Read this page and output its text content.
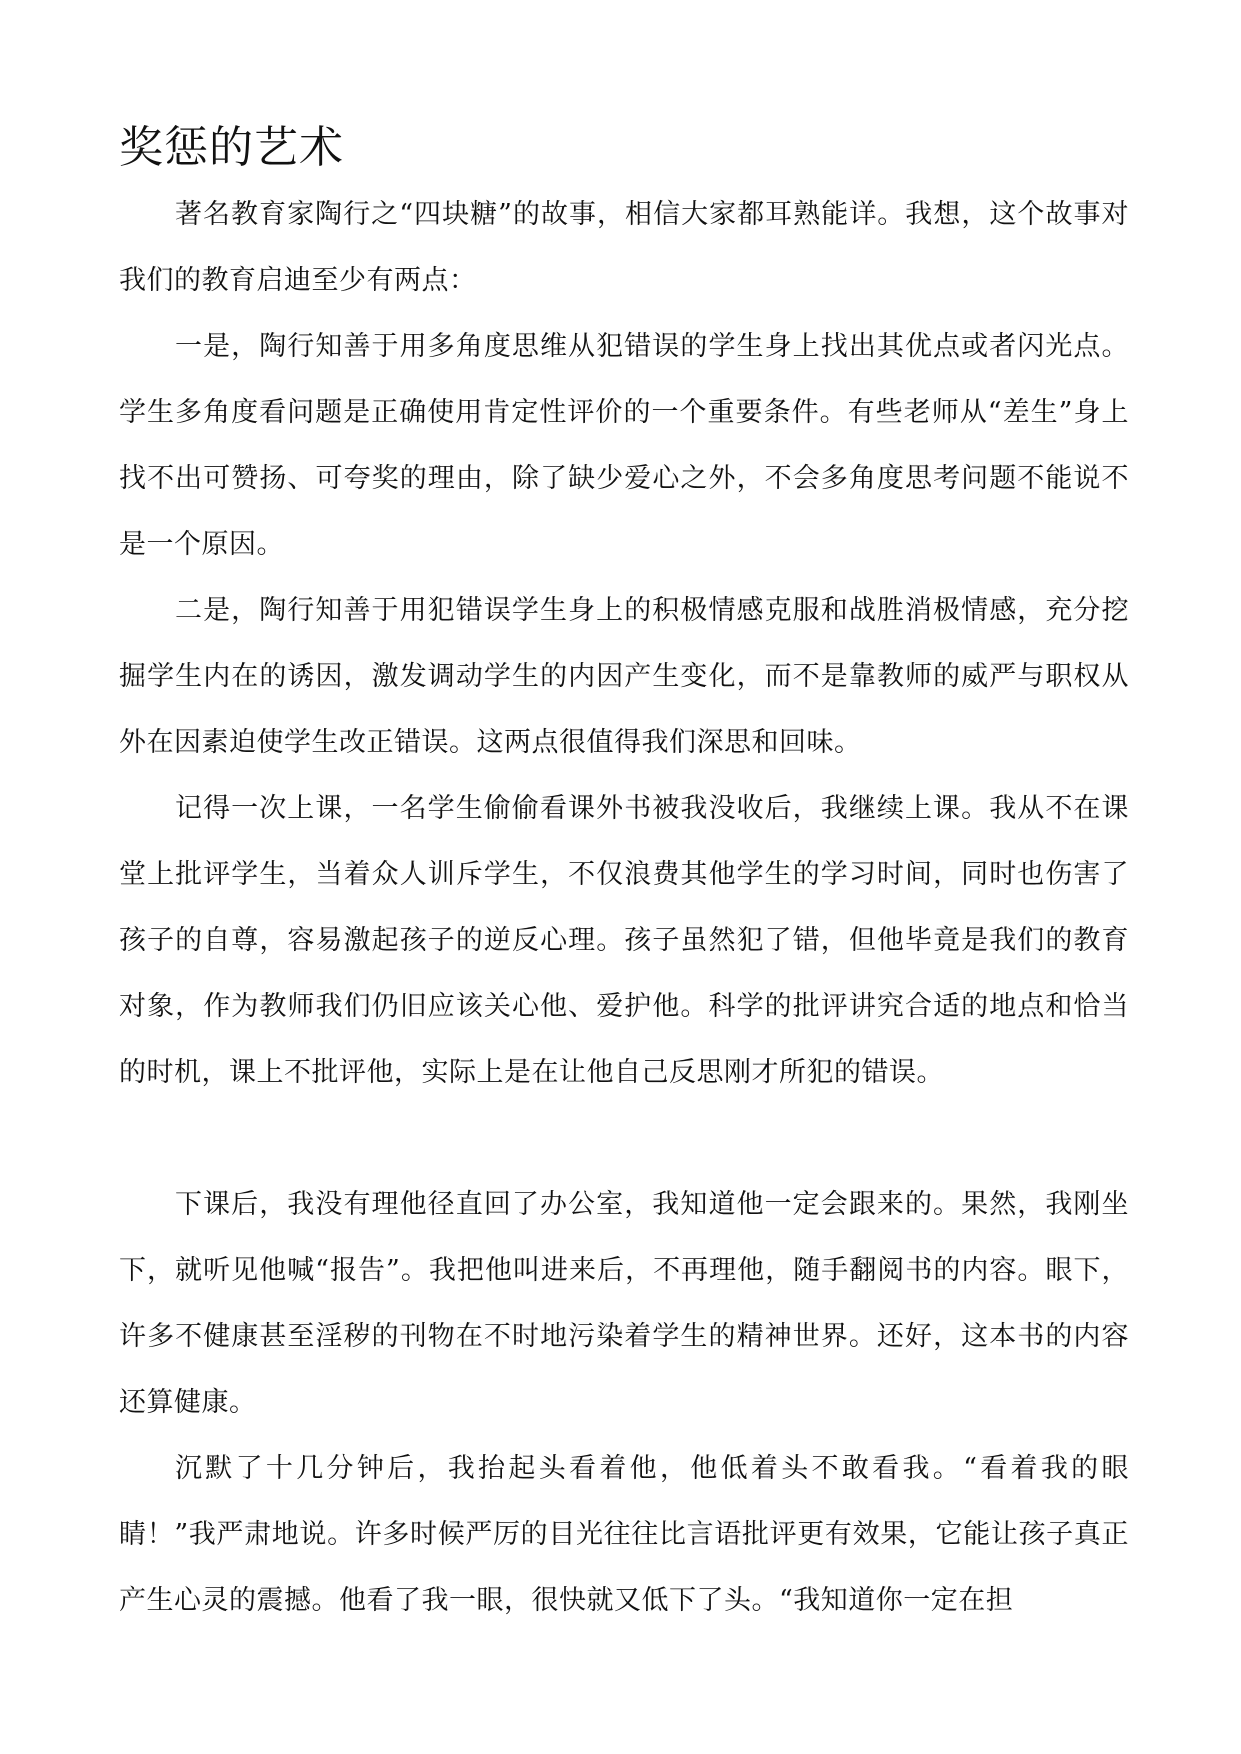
奖惩的艺术

著名教育家陶行之“四块糖”的故事，相信大家都耳熟能详。我想，这个故事对我们的教育启迪至少有两点：

一是，陶行知善于用多角度思维从犯错误的学生身上找出其优点或者闪光点。学生多角度看问题是正确使用肯定性评价的一个重要条件。有些老师从“差生”身上找不出可赞扬、可夸奖的理由，除了缺少爱心之外，不会多角度思考问题不能说不是一个原因。

二是，陶行知善于用犯错误学生身上的积极情感克服和战胜消极情感，充分挖掘学生内在的诱因，激发调动学生的内因产生变化，而不是靠教师的威严与职权从外在因素迫使学生改正错误。这两点很值得我们深思和回味。

记得一次上课，一名学生偷偷看课外书被我没收后，我继续上课。我从不在课堂上批评学生，当着众人训斥学生，不仅浪费其他学生的学习时间，同时也伤害了孩子的自尊，容易激起孩子的逆反心理。孩子虽然犯了错，但他毕竟是我们的教育对象，作为教师我们仍旧应该关心他、爱护他。科学的批评讲究合适的地点和恰当的时机，课上不批评他，实际上是在让他自己反思刚才所犯的错误。

下课后，我没有理他径直回了办公室，我知道他一定会跟来的。果然，我刚坐下，就听见他喊“报告”。我把他叫进来后，不再理他，随手翻阅书的内容。眼下，许多不健康甚至淫秽的刊物在不时地污染着学生的精神世界。还好，这本书的内容还算健康。

沉默了十几分钟后，我抬起头看着他，他低着头不敢看我。“看着我的眼睛！”我严肃地说。许多时候严厉的目光往往比言语批评更有效果，它能让孩子真正产生心灵的震撼。他看了我一眼，很快就又低下了头。“我知道你一定在担
